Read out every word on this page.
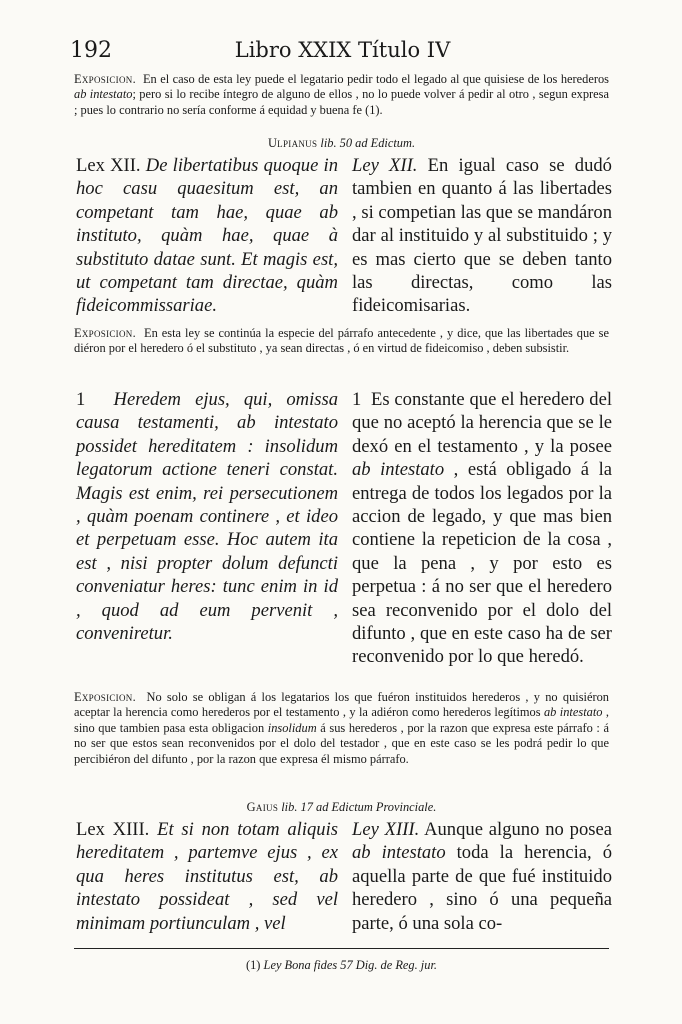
192	Libro XXIX Título IV

Exposicion. En el caso de esta ley puede el legatario pedir todo el legado al que quisiese de los herederos ab intestato; pero si lo recibe íntegro de alguno de ellos , no lo puede volver á pedir al otro , segun expresa ; pues lo contrario no sería conforme á equidad y buena fe (1).

Ulpianus lib. 50 ad Edictum.

Lex XII. De libertatibus quoque in hoc casu quaesitum est, an competant tam hae, quae ab instituto, quàm hae, quae à substituto datae sunt. Et magis est, ut competant tam directae, quàm fideicommissariae.

Ley XII. En igual caso se dudó tambien en quanto á las libertades , si competian las que se mandáron dar al instituido y al substituido ; y es mas cierto que se deben tanto las directas, como las fideicomisarias.

Exposicion. En esta ley se continúa la especie del párrafo antecedente , y dice, que las libertades que se diéron por el heredero ó el substituto , ya sean directas , ó en virtud de fideicomiso , deben subsistir.

1 Heredem ejus, qui, omissa causa testamenti, ab intestato possidet hereditatem : insolidum legatorum actione teneri constat. Magis est enim, rei persecutionem , quàm poenam continere , et ideo et perpetuam esse. Hoc autem ita est , nisi propter dolum defuncti conveniatur heres: tunc enim in id , quod ad eum pervenit , conveniretur.

1 Es constante que el heredero del que no aceptó la herencia que se le dexó en el testamento , y la posee ab intestato , está obligado á la entrega de todos los legados por la accion de legado, y que mas bien contiene la repeticion de la cosa , que la pena , y por esto es perpetua : á no ser que el heredero sea reconvenido por el dolo del difunto , que en este caso ha de ser reconvenido por lo que heredó.

Exposicion. No solo se obligan á los legatarios los que fuéron instituidos herederos , y no quisiéron aceptar la herencia como herederos por el testamento , y la adiéron como herederos legítimos ab intestato , sino que tambien pasa esta obligacion insolidum á sus herederos , por la razon que expresa este párrafo : á no ser que estos sean reconvenidos por el dolo del testador , que en este caso se les podrá pedir lo que percibiéron del difunto , por la razon que expresa él mismo párrafo.

Gaius lib. 17 ad Edictum Provinciale.

Lex XIII. Et si non totam aliquis hereditatem , partemve ejus , ex qua heres institutus est, ab intestato possideat , sed vel minimam portiunculam , vel

Ley XIII. Aunque alguno no posea ab intestato toda la herencia, ó aquella parte de que fué instituido heredero , sino ó una pequeña parte, ó una sola co-

(1) Ley Bona fides 57 Dig. de Reg. jur.
